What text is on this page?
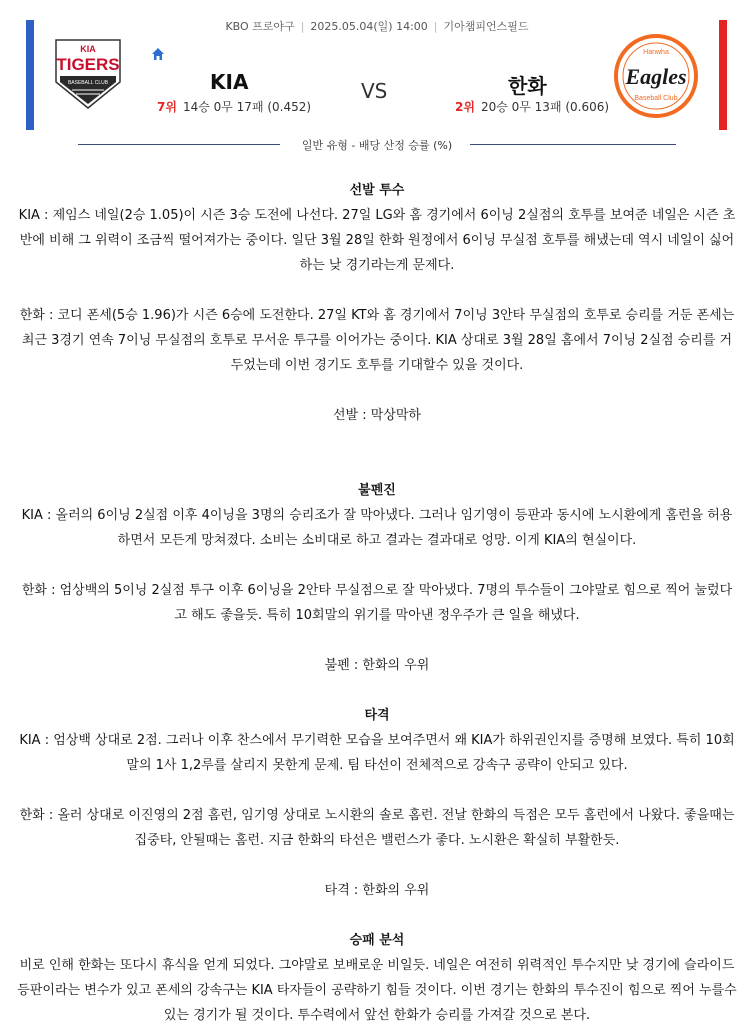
KBO 프로야구 | 2025.05.04(일) 14:00 | 기아챔피언스필드
KIA
TIGERS
BASEBALL CLUB	KIA	VS	한화
7위 14승 0무 17패 (0.452)	2위 20승 0무 13패 (0.606)
Hanwha
Eagles
Baseball Club
일반 유형 - 배당 산정 승률 (%)

선발 투수

KIA : 제임스 네일(2승 1.05)이 시즌 3승 도전에 나선다. 27일 LG와 홈 경기에서 6이닝 2실점의 호투를 보여준 네일은 시즌 초반에 비해 그 위력이 조금씩 떨어져가는 중이다. 일단 3월 28일 한화 원정에서 6이닝 무실점 호투를 해냈는데 역시 네일이 싫어하는 낮 경기라는게 문제다.

한화 : 코디 폰세(5승 1.96)가 시즌 6승에 도전한다. 27일 KT와 홈 경기에서 7이닝 3안타 무실점의 호투로 승리를 거둔 폰세는 최근 3경기 연속 7이닝 무실점의 호투로 무서운 투구를 이어가는 중이다. KIA 상대로 3월 28일 홈에서 7이닝 2실점 승리를 거두었는데 이번 경기도 호투를 기대할수 있을 것이다.

선발 : 막상막하

불펜진

KIA : 올러의 6이닝 2실점 이후 4이닝을 3명의 승리조가 잘 막아냈다. 그러나 임기영이 등판과 동시에 노시환에게 홈런을 허용하면서 모든게 망쳐졌다. 소비는 소비대로 하고 결과는 결과대로 엉망. 이게 KIA의 현실이다.

한화 : 엄상백의 5이닝 2실점 투구 이후 6이닝을 2안타 무실점으로 잘 막아냈다. 7명의 투수들이 그야말로 힘으로 찍어 눌렀다고 해도 좋을듯. 특히 10회말의 위기를 막아낸 정우주가 큰 일을 해냈다.

불펜 : 한화의 우위

타격

KIA : 엄상백 상대로 2점. 그러나 이후 찬스에서 무기력한 모습을 보여주면서 왜 KIA가 하위권인지를 증명해 보였다. 특히 10회말의 1사 1,2루를 살리지 못한게 문제. 팀 타선이 전체적으로 강속구 공략이 안되고 있다.

한화 : 올러 상대로 이진영의 2점 홈런, 임기영 상대로 노시환의 솔로 홈런. 전날 한화의 득점은 모두 홈런에서 나왔다. 좋을때는 집중타, 안될때는 홈런. 지금 한화의 타선은 밸런스가 좋다. 노시환은 확실히 부활한듯.

타격 : 한화의 우위

승패 분석

비로 인해 한화는 또다시 휴식을 얻게 되었다. 그야말로 보배로운 비일듯. 네일은 여전히 위력적인 투수지만 낮 경기에 슬라이드 등판이라는 변수가 있고 폰세의 강속구는 KIA 타자들이 공략하기 힘들 것이다. 이번 경기는 한화의 투수진이 힘으로 찍어 누를수 있는 경기가 될 것이다. 투수력에서 앞선 한화가 승리를 가져갈 것으로 본다.
